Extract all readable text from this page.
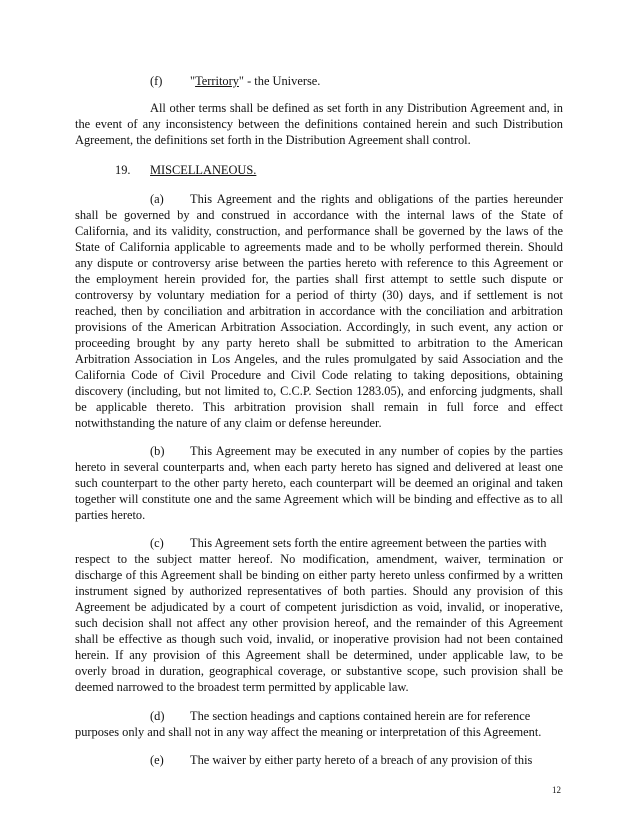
(f) "Territory" - the Universe.

All other terms shall be defined as set forth in any Distribution Agreement and, in

the event of any inconsistency between the definitions contained herein and such Distribution

Agreement, the definitions set forth in the Distribution Agreement shall control.

19. MISCELLANEOUS.
(a) This Agreement and the rights and obligations of the parties hereunder

shall be governed by and construed in accordance with the internal laws of the State of

California, and its validity, construction, and performance shall be governed by the laws of the

State of California applicable to agreements made and to be wholly performed therein. Should

any dispute or controversy arise between the parties hereto with reference to this Agreement or

the employment herein provided for, the parties shall first attempt to settle such dispute or

controversy by voluntary mediation for a period of thirty (30) days, and if settlement is not

reached, then by conciliation and arbitration in accordance with the conciliation and arbitration

provisions of the American Arbitration Association. Accordingly, in such event, any action or

proceeding brought by any party hereto shall be submitted to arbitration to the American

Arbitration Association in Los Angeles, and the rules promulgated by said Association and the

California Code of Civil Procedure and Civil Code relating to taking depositions, obtaining

discovery (including, but not limited to, C.C.P. Section 1283.05), and enforcing judgments, shall

be applicable thereto. This arbitration provision shall remain in full force and effect

notwithstanding the nature of any claim or defense hereunder.

(b) This Agreement may be executed in any number of copies by the parties

hereto in several counterparts and, when each party hereto has signed and delivered at least one

such counterpart to the other party hereto, each counterpart will be deemed an original and taken

together will constitute one and the same Agreement which will be binding and effective as to all

parties hereto.

(c) This Agreement sets forth the entire agreement between the parties with

respect to the subject matter hereof. No modification, amendment, waiver, termination or

discharge of this Agreement shall be binding on either party hereto unless confirmed by a written

instrument signed by authorized representatives of both parties. Should any provision of this

Agreement be adjudicated by a court of competent jurisdiction as void, invalid, or inoperative,

such decision shall not affect any other provision hereof, and the remainder of this Agreement

shall be effective as though such void, invalid, or inoperative provision had not been contained

herein. If any provision of this Agreement shall be determined, under applicable law, to be

overly broad in duration, geographical coverage, or substantive scope, such provision shall be

deemed narrowed to the broadest term permitted by applicable law.

(d) The section headings and captions contained herein are for reference

purposes only and shall not in any way affect the meaning or interpretation of this Agreement.

(e) The waiver by either party hereto of a breach of any provision of this

12
